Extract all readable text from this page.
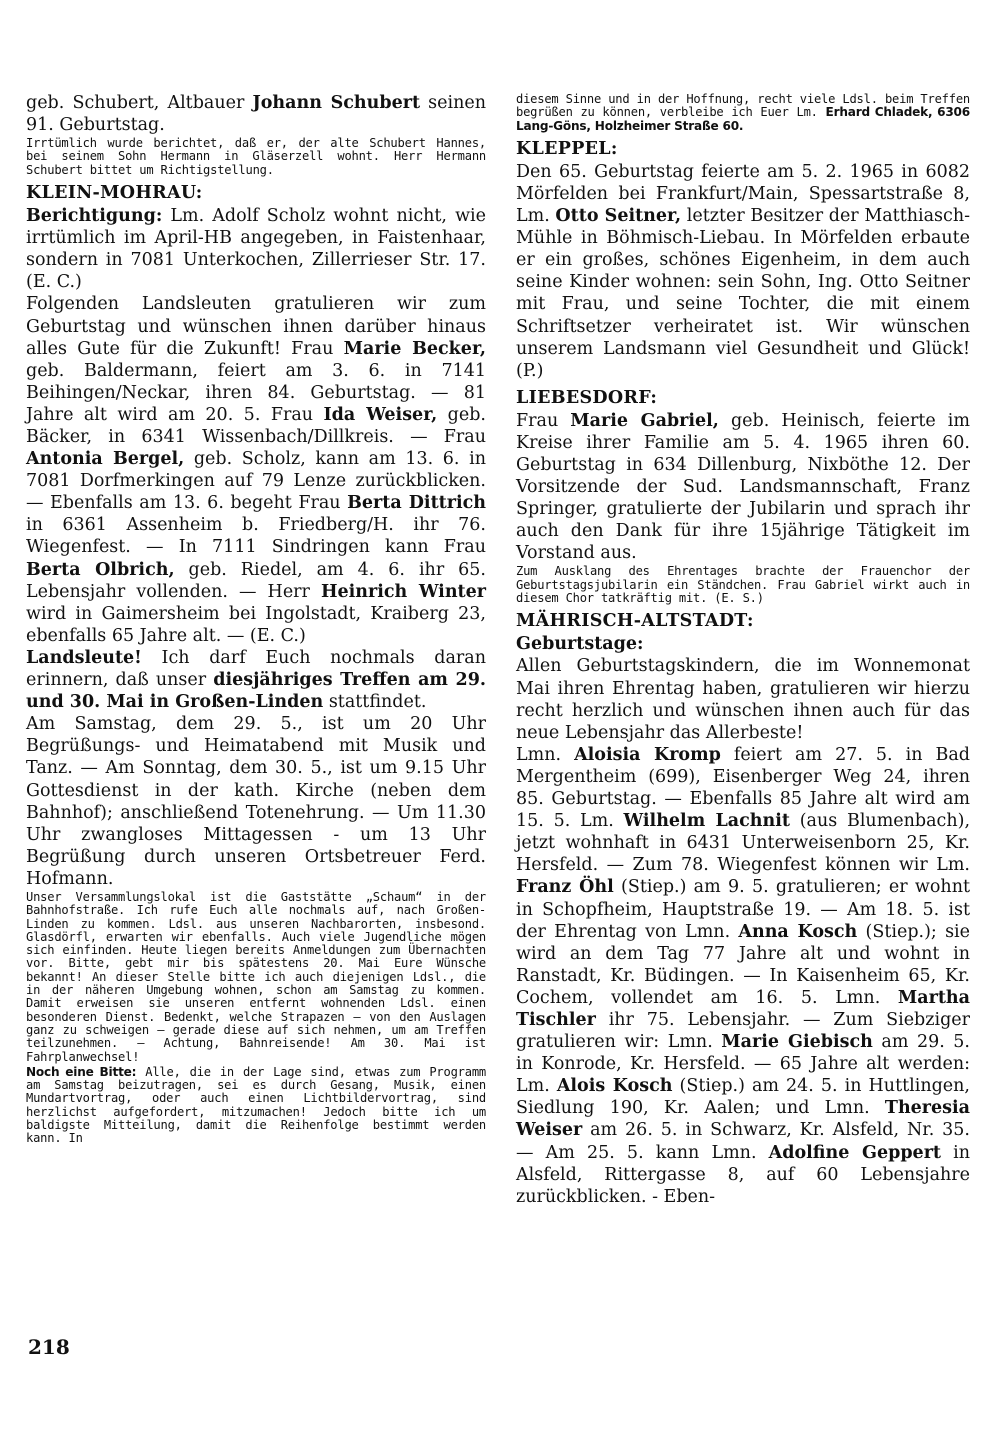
geb. Schubert, Altbauer Johann Schubert seinen 91. Geburtstag.

Irrtümlich wurde berichtet, daß er, der alte Schubert Hannes, bei seinem Sohn Hermann in Gläserzell wohnt. Herr Hermann Schubert bittet um Richtigstellung.

KLEIN-MOHRAU:

Berichtigung: Lm. Adolf Scholz wohnt nicht, wie irrtümlich im April-HB angegeben, in Faistenhaar, sondern in 7081 Unterkochen, Zillerrieser Str. 17. (E. C.)

Folgenden Landsleuten gratulieren wir zum Geburtstag und wünschen ihnen darüber hinaus alles Gute für die Zukunft! Frau Marie Becker, geb. Baldermann, feiert am 3. 6. in 7141 Beihingen/Neckar, ihren 84. Geburtstag. — 81 Jahre alt wird am 20. 5. Frau Ida Weiser, geb. Bäcker, in 6341 Wissenbach/Dillkreis. — Frau Antonia Bergel, geb. Scholz, kann am 13. 6. in 7081 Dorfmerkingen auf 79 Lenze zurückblicken. — Ebenfalls am 13. 6. begeht Frau Berta Dittrich in 6361 Assenheim b. Friedberg/H. ihr 76. Wiegenfest. — In 7111 Sindringen kann Frau Berta Olbrich, geb. Riedel, am 4. 6. ihr 65. Lebensjahr vollenden. — Herr Heinrich Winter wird in Gaimersheim bei Ingolstadt, Kraiberg 23, ebenfalls 65 Jahre alt. — (E. C.)

Landsleute! Ich darf Euch nochmals daran erinnern, daß unser diesjähriges Treffen am 29. und 30. Mai in Großen-Linden stattfindet.

Am Samstag, dem 29. 5., ist um 20 Uhr Begrüßungs- und Heimatabend mit Musik und Tanz. — Am Sonntag, dem 30. 5., ist um 9.15 Uhr Gottesdienst in der kath. Kirche (neben dem Bahnhof); anschließend Totenehrung. — Um 11.30 Uhr zwangloses Mittagessen - um 13 Uhr Begrüßung durch unseren Ortsbetreuer Ferd. Hofmann.

Unser Versammlungslokal ist die Gaststätte „Schaum“ in der Bahnhofstraße. Ich rufe Euch alle nochmals auf, nach Großen-Linden zu kommen. Ldsl. aus unseren Nachbarorten, insbesond. Glasdörfl, erwarten wir ebenfalls. Auch viele Jugendliche mögen sich einfinden. Heute liegen bereits Anmeldungen zum Übernachten vor. Bitte, gebt mir bis spätestens 20. Mai Eure Wünsche bekannt! An dieser Stelle bitte ich auch diejenigen Ldsl., die in der näheren Umgebung wohnen, schon am Samstag zu kommen. Damit erweisen sie unseren entfernt wohnenden Ldsl. einen besonderen Dienst. Bedenkt, welche Strapazen — von den Auslagen ganz zu schweigen — gerade diese auf sich nehmen, um am Treffen teilzunehmen. — Achtung, Bahnreisende! Am 30. Mai ist Fahrplanwechsel!

Noch eine Bitte: Alle, die in der Lage sind, etwas zum Programm am Samstag beizutragen, sei es durch Gesang, Musik, einen Mundartvortrag, oder auch einen Lichtbildervortrag, sind herzlichst aufgefordert, mitzumachen! Jedoch bitte ich um baldigste Mitteilung, damit die Reihenfolge bestimmt werden kann. In

diesem Sinne und in der Hoffnung, recht viele Ldsl. beim Treffen begrüßen zu können, verbleibe ich Euer Lm. Erhard Chladek, 6306 Lang-Göns, Holzheimer Straße 60.

KLEPPEL:

Den 65. Geburtstag feierte am 5. 2. 1965 in 6082 Mörfelden bei Frankfurt/Main, Spessartstraße 8, Lm. Otto Seitner, letzter Besitzer der Matthiasch-Mühle in Böhmisch-Liebau. In Mörfelden erbaute er ein großes, schönes Eigenheim, in dem auch seine Kinder wohnen: sein Sohn, Ing. Otto Seitner mit Frau, und seine Tochter, die mit einem Schriftsetzer verheiratet ist. Wir wünschen unserem Landsmann viel Gesundheit und Glück! (P.)

LIEBESDORF:

Frau Marie Gabriel, geb. Heinisch, feierte im Kreise ihrer Familie am 5. 4. 1965 ihren 60. Geburtstag in 634 Dillenburg, Nixböthe 12. Der Vorsitzende der Sud. Landsmannschaft, Franz Springer, gratulierte der Jubilarin und sprach ihr auch den Dank für ihre 15jährige Tätigkeit im Vorstand aus.

Zum Ausklang des Ehrentages brachte der Frauenchor der Geburtstagsjubilarin ein Ständchen. Frau Gabriel wirkt auch in diesem Chor tatkräftig mit. (E. S.)

MÄHRISCH-ALTSTADT:

Geburtstage:

Allen Geburtstagskindern, die im Wonnemonat Mai ihren Ehrentag haben, gratulieren wir hierzu recht herzlich und wünschen ihnen auch für das neue Lebensjahr das Allerbeste!

Lmn. Aloisia Kromp feiert am 27. 5. in Bad Mergentheim (699), Eisenberger Weg 24, ihren 85. Geburtstag. — Ebenfalls 85 Jahre alt wird am 15. 5. Lm. Wilhelm Lachnit (aus Blumenbach), jetzt wohnhaft in 6431 Unterweisenborn 25, Kr. Hersfeld. — Zum 78. Wiegenfest können wir Lm. Franz Öhl (Stiep.) am 9. 5. gratulieren; er wohnt in Schopfheim, Hauptstraße 19. — Am 18. 5. ist der Ehrentag von Lmn. Anna Kosch (Stiep.); sie wird an dem Tag 77 Jahre alt und wohnt in Ranstadt, Kr. Büdingen. — In Kaisenheim 65, Kr. Cochem, vollendet am 16. 5. Lmn. Martha Tischler ihr 75. Lebensjahr. — Zum Siebziger gratulieren wir: Lmn. Marie Giebisch am 29. 5. in Konrode, Kr. Hersfeld. — 65 Jahre alt werden: Lm. Alois Kosch (Stiep.) am 24. 5. in Huttlingen, Siedlung 190, Kr. Aalen; und Lmn. Theresia Weiser am 26. 5. in Schwarz, Kr. Alsfeld, Nr. 35. — Am 25. 5. kann Lmn. Adolfine Geppert in Alsfeld, Rittergasse 8, auf 60 Lebensjahre zurückblicken. - Eben-

218
